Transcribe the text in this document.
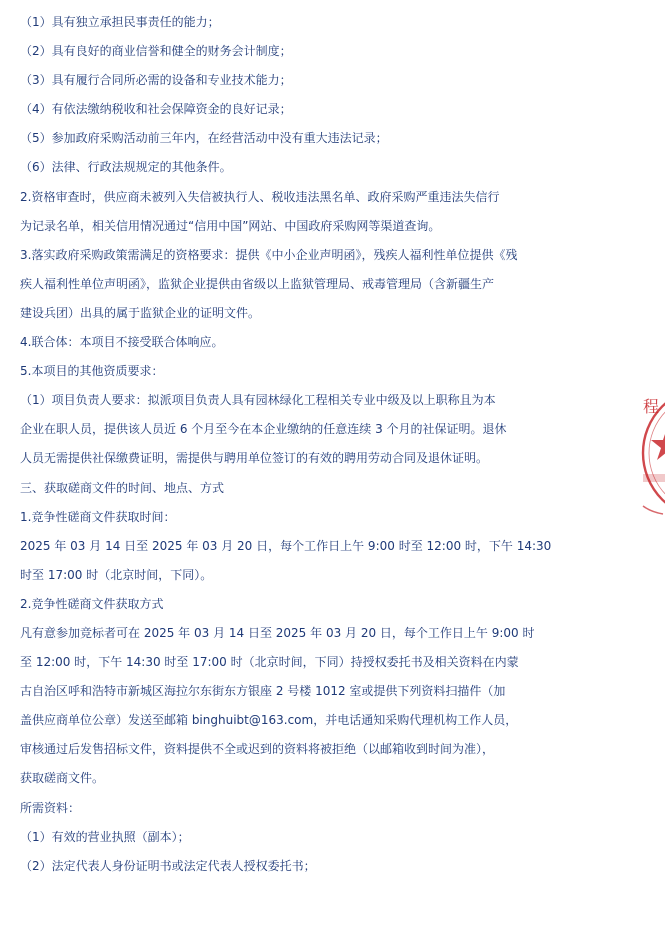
（1）具有独立承担民事责任的能力；
（2）具有良好的商业信誉和健全的财务会计制度；
（3）具有履行合同所必需的设备和专业技术能力；
（4）有依法缴纳税收和社会保障资金的良好记录；
（5）参加政府采购活动前三年内，在经营活动中没有重大违法记录；
（6）法律、行政法规规定的其他条件。
2.资格审查时，供应商未被列入失信被执行人、税收违法黑名单、政府采购严重违法失信行
为记录名单，相关信用情况通过“信用中国”网站、中国政府采购网等渠道查询。
3.落实政府采购政策需满足的资格要求：提供《中小企业声明函》，残疾人福利性单位提供《残
疾人福利性单位声明函》，监狱企业提供由省级以上监狱管理局、戒毒管理局（含新疆生产
建设兵团）出具的属于监狱企业的证明文件。
4.联合体：本项目不接受联合体响应。
5.本项目的其他资质要求：
（1）项目负责人要求：拟派项目负责人具有园林绿化工程相关专业中级及以上职称且为本
企业在职人员，提供该人员近 6 个月至今在本企业缴纳的任意连续 3 个月的社保证明。退休
人员无需提供社保缴费证明，需提供与聘用单位签订的有效的聘用劳动合同及退休证明。
三、获取磋商文件的时间、地点、方式
1.竞争性磋商文件获取时间：
2025 年 03 月 14 日至 2025 年 03 月 20 日，每个工作日上午 9:00 时至 12:00 时，下午 14:30
时至 17:00 时（北京时间，下同）。
2.竞争性磋商文件获取方式
凡有意参加竞标者可在 2025 年 03 月 14 日至 2025 年 03 月 20 日，每个工作日上午 9:00 时
至 12:00 时，下午 14:30 时至 17:00 时（北京时间，下同）持授权委托书及相关资料在内蒙
古自治区呼和浩特市新城区海拉尔东街东方银座 2 号楼 1012 室或提供下列资料扫描件（加
盖供应商单位公章）发送至邮箱 binghuibt@163.com，并电话通知采购代理机构工作人员，
审核通过后发售招标文件，资料提供不全或迟到的资料将被拒绝（以邮箱收到时间为准），
获取磋商文件。
所需资料：
（1）有效的营业执照（副本）；
（2）法定代表人身份证明书或法定代表人授权委托书；
程
